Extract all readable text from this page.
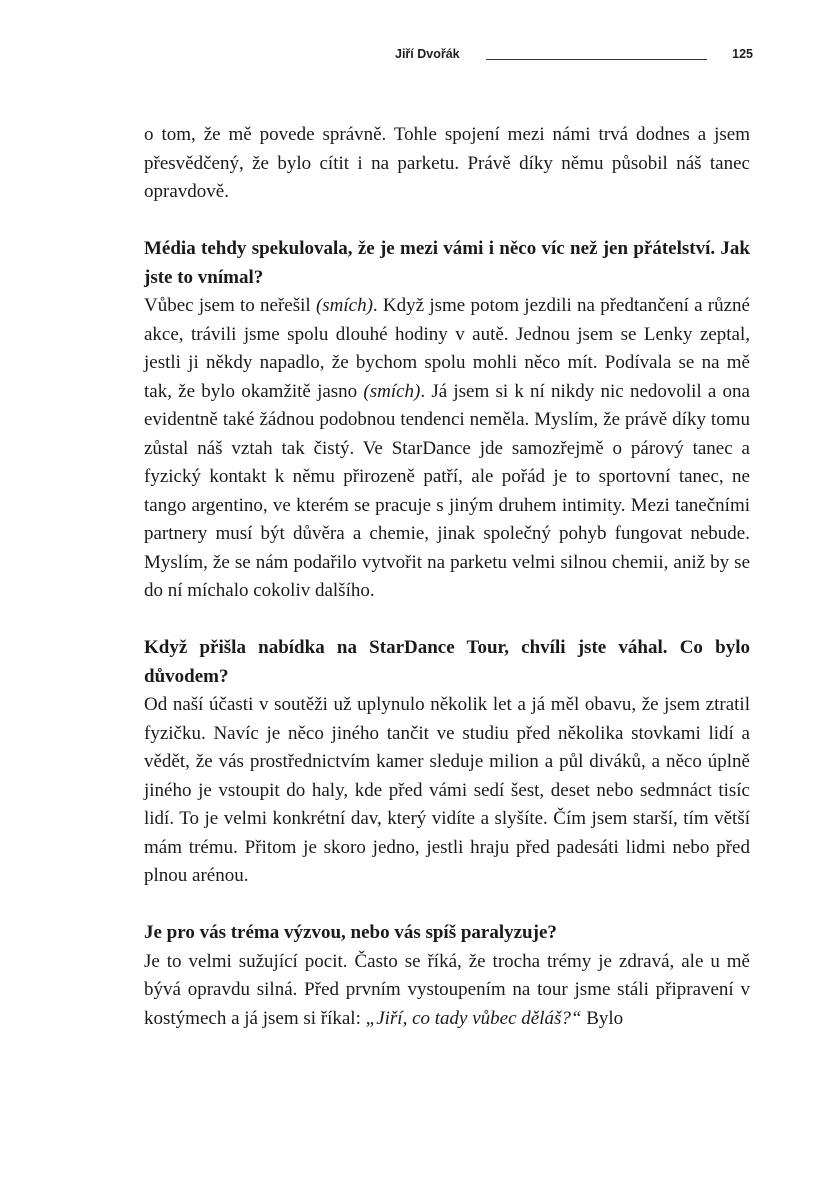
Jiří Dvořák	125

o tom, že mě povede správně. Tohle spojení mezi námi trvá dodnes a jsem přesvědčený, že bylo cítit i na parketu. Právě díky němu působil náš tanec opravdově.

Média tehdy spekulovala, že je mezi vámi i něco víc než jen přátelství. Jak jste to vnímal?

Vůbec jsem to neřešil (smích). Když jsme potom jezdili na předtančení a různé akce, trávili jsme spolu dlouhé hodiny v autě. Jednou jsem se Lenky zeptal, jestli ji někdy napadlo, že bychom spolu mohli něco mít. Podívala se na mě tak, že bylo okamžitě jasno (smích). Já jsem si k ní nikdy nic nedovolil a ona evidentně také žádnou podobnou tendenci neměla. Myslím, že právě díky tomu zůstal náš vztah tak čistý. Ve StarDance jde samozřejmě o párový tanec a fyzický kontakt k němu přirozeně patří, ale pořád je to sportovní tanec, ne tango argentino, ve kterém se pracuje s jiným druhem intimity. Mezi tanečními partnery musí být důvěra a chemie, jinak společný pohyb fungovat nebude. Myslím, že se nám podařilo vytvořit na parketu velmi silnou chemii, aniž by se do ní míchalo cokoliv dalšího.

Když přišla nabídka na StarDance Tour, chvíli jste váhal. Co bylo důvodem?

Od naší účasti v soutěži už uplynulo několik let a já měl obavu, že jsem ztratil fyzičku. Navíc je něco jiného tančit ve studiu před několika stovkami lidí a vědět, že vás prostřednictvím kamer sleduje milion a půl diváků, a něco úplně jiného je vstoupit do haly, kde před vámi sedí šest, deset nebo sedmnáct tisíc lidí. To je velmi konkrétní dav, který vidíte a slyšíte. Čím jsem starší, tím větší mám trému. Přitom je skoro jedno, jestli hraju před padesáti lidmi nebo před plnou arénou.

Je pro vás tréma výzvou, nebo vás spíš paralyzuje?

Je to velmi sužující pocit. Často se říká, že trocha trémy je zdravá, ale u mě bývá opravdu silná. Před prvním vystoupením na tour jsme stáli připravení v kostýmech a já jsem si říkal: „Jiří, co tady vůbec děláš?“ Bylo
